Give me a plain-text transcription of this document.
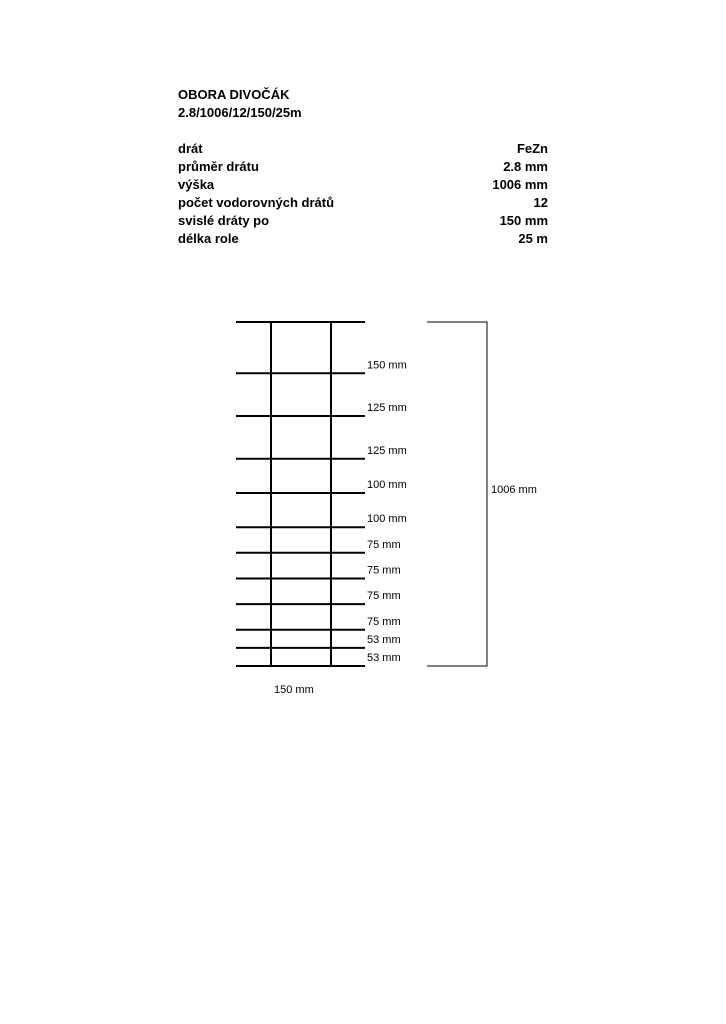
OBORA DIVOČÁK
2.8/1006/12/150/25m
drát	FeZn
průměr drátu	2.8 mm
výška	1006 mm
počet vodorovných drátů	12
svislé dráty po	150 mm
délka role	25 m
150 mm
125 mm
125 mm
100 mm
100 mm
75 mm
75 mm
75 mm
75 mm
53 mm
53 mm
1006 mm
150 mm
